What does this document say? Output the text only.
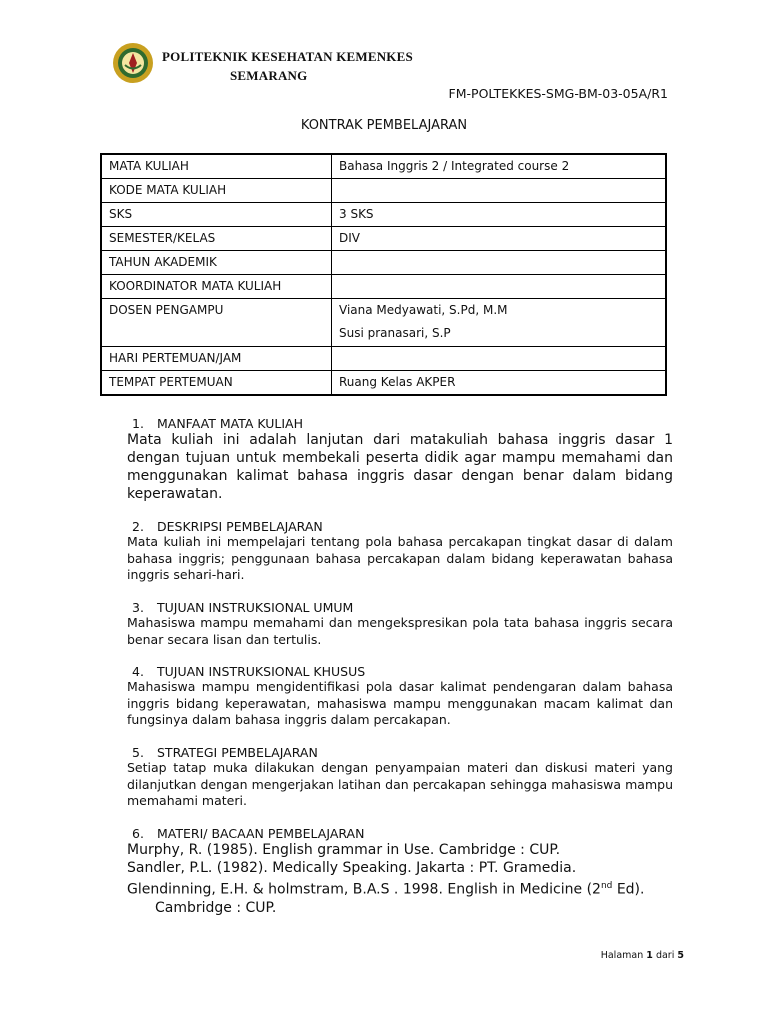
POLITEKNIK KESEHATAN KEMENKES
SEMARANG
FM-POLTEKKES-SMG-BM-03-05A/R1
KONTRAK PEMBELAJARAN
MATA KULIAH	Bahasa Inggris 2 / Integrated course 2
KODE MATA KULIAH	
SKS	3 SKS
SEMESTER/KELAS	DIV
TAHUN AKADEMIK	
KOORDINATOR MATA KULIAH	
DOSEN PENGAMPU	Viana Medyawati, S.Pd, M.M
Susi pranasari, S.P

HARI PERTEMUAN/JAM	
TEMPAT PERTEMUAN	Ruang Kelas AKPER
1. MANFAAT MATA KULIAH

Mata kuliah ini adalah lanjutan dari matakuliah bahasa inggris dasar 1 dengan tujuan untuk membekali peserta didik agar mampu memahami dan menggunakan kalimat bahasa inggris dasar dengan benar dalam bidang keperawatan.

2. DESKRIPSI PEMBELAJARAN

Mata kuliah ini mempelajari tentang pola bahasa percakapan tingkat dasar di dalam bahasa inggris; penggunaan bahasa percakapan dalam bidang keperawatan bahasa inggris sehari-hari.

3. TUJUAN INSTRUKSIONAL UMUM

Mahasiswa mampu memahami dan mengekspresikan pola tata bahasa inggris secara benar secara lisan dan tertulis.

4. TUJUAN INSTRUKSIONAL KHUSUS

Mahasiswa mampu mengidentifikasi pola dasar kalimat pendengaran dalam bahasa inggris bidang keperawatan, mahasiswa mampu menggunakan macam kalimat dan fungsinya dalam bahasa inggris dalam percakapan.

5. STRATEGI PEMBELAJARAN

Setiap tatap muka dilakukan dengan penyampaian materi dan diskusi materi yang dilanjutkan dengan mengerjakan latihan dan percakapan sehingga mahasiswa mampu memahami materi.

6. MATERI/ BACAAN PEMBELAJARAN
Murphy, R. (1985). English grammar in Use. Cambridge : CUP.
Sandler, P.L. (1982). Medically Speaking. Jakarta : PT. Gramedia.
Glendinning, E.H. & holmstram, B.A.S . 1998. English in Medicine (2nd Ed).
Cambridge : CUP.
Halaman 1 dari 5
